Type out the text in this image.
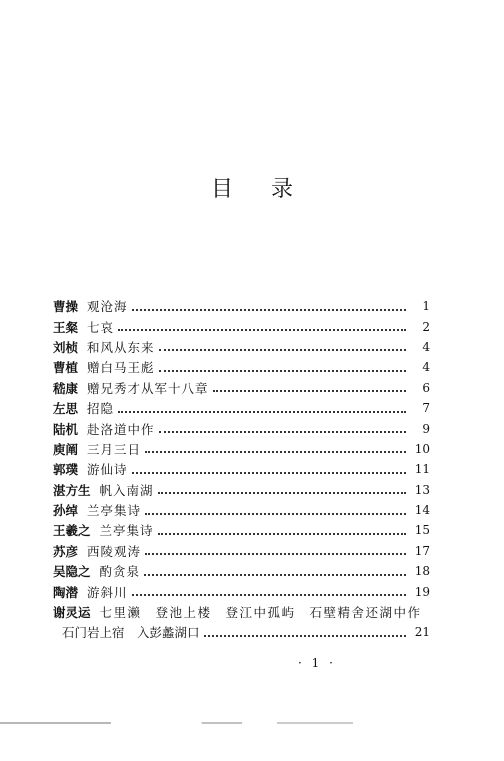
目录
曹操 观沧海	1
王粲 七哀	2
刘桢 和风从东来	4
曹植 赠白马王彪	4
嵇康 赠兄秀才从军十八章	6
左思 招隐	7
陆机 赴洛道中作	9
庾阐 三月三日	10
郭璞 游仙诗	11
湛方生 帆入南湖	13
孙绰 兰亭集诗	14
王羲之 兰亭集诗	15
苏彦 西陵观涛	17
吴隐之 酌贪泉	18
陶潜 游斜川	19
谢灵运 七里濑　登池上楼　登江中孤屿　石壁精舍还湖中作
石门岩上宿　入彭蠡湖口	21
· 1 ·
